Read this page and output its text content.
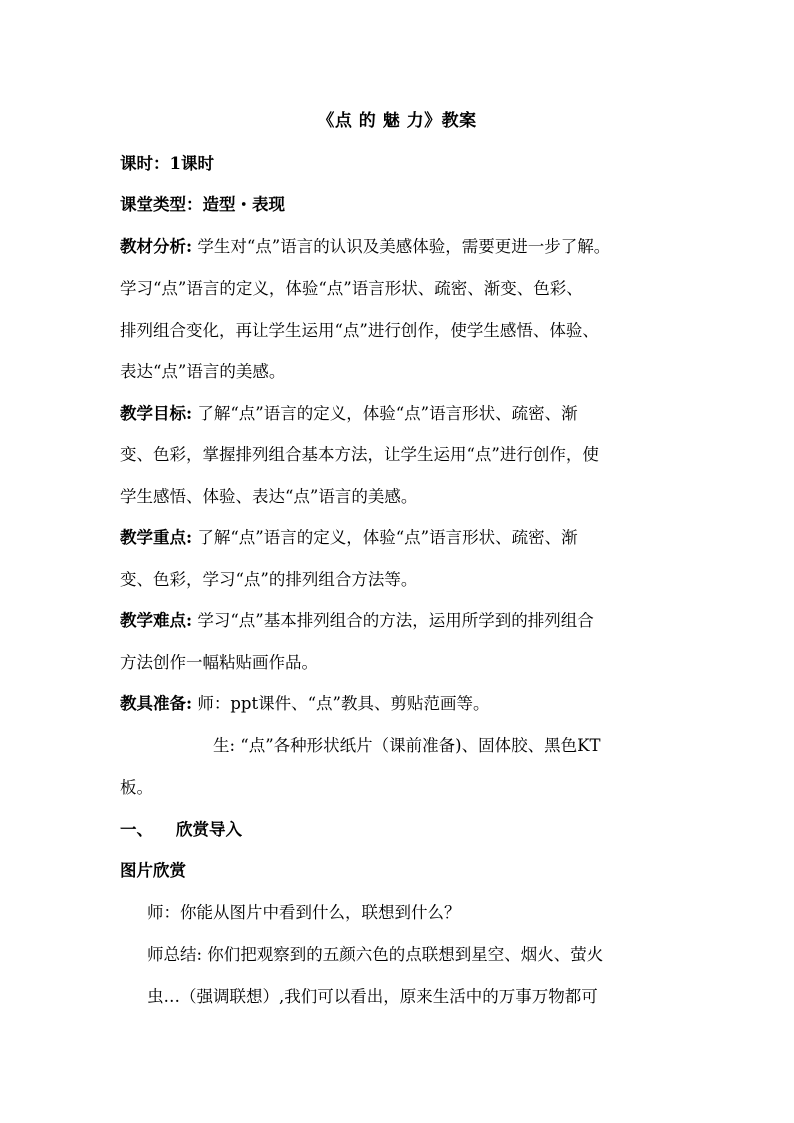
《点 的 魅 力》教案
课时：1课时
课堂类型：造型・表现
教材分析: 学生对“点”语言的认识及美感体验，需要更进一步了解。
学习“点”语言的定义，体验“点”语言形状、疏密、渐变、色彩、
排列组合变化，再让学生运用“点”进行创作，使学生感悟、体验、
表达“点”语言的美感。
教学目标: 了解“点”语言的定义，体验“点”语言形状、疏密、渐
变、色彩，掌握排列组合基本方法，让学生运用“点”进行创作，使
学生感悟、体验、表达“点”语言的美感。
教学重点: 了解“点”语言的定义，体验“点”语言形状、疏密、渐
变、色彩，学习“点”的排列组合方法等。
教学难点: 学习“点”基本排列组合的方法，运用所学到的排列组合
方法创作一幅粘贴画作品。
教具准备: 师：ppt课件、“点”教具、剪贴范画等。
生: “点”各种形状纸片（课前准备)、固体胶、黑色KT
板。
一、 欣赏导入
图片欣赏
师：你能从图片中看到什么，联想到什么？
师总结: 你们把观察到的五颜六色的点联想到星空、烟火、萤火
虫…（强调联想）,我们可以看出，原来生活中的万事万物都可
